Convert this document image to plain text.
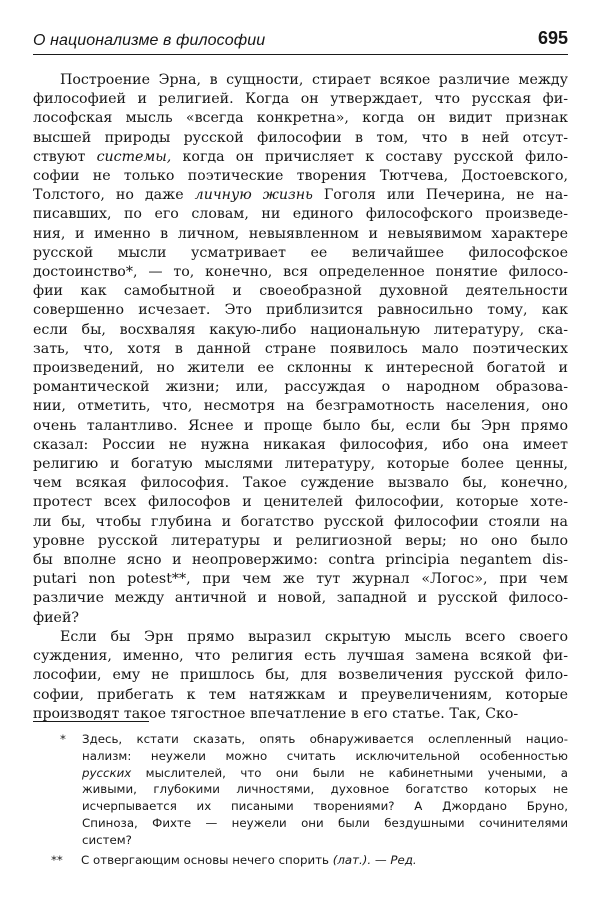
О национализме в философии	695

Построение Эрна, в сущности, стирает всякое различие между
философией и религией. Когда он утверждает, что русская фи-
лософская мысль «всегда конкретна», когда он видит признак
высшей природы русской философии в том, что в ней отсут-
ствуют системы, когда он причисляет к составу русской фило-
софии не только поэтические творения Тютчева, Достоевского,
Толстого, но даже личную жизнь Гоголя или Печерина, не на-
писавших, по его словам, ни единого философского произведе-
ния, и именно в личном, невыявленном и невыявимом характере
русской мысли усматривает ее величайшее философское
достоинство*, — то, конечно, вся определенное понятие филосо-
фии как самобытной и своеобразной духовной деятельности
совершенно исчезает. Это приблизится равносильно тому, как
если бы, восхваляя какую-либо национальную литературу, ска-
зать, что, хотя в данной стране появилось мало поэтических
произведений, но жители ее склонны к интересной богатой и
романтической жизни; или, рассуждая о народном образова-
нии, отметить, что, несмотря на безграмотность населения, оно
очень талантливо. Яснее и проще было бы, если бы Эрн прямо
сказал: России не нужна никакая философия, ибо она имеет
религию и богатую мыслями литературу, которые более ценны,
чем всякая философия. Такое суждение вызвало бы, конечно,
протест всех философов и ценителей философии, которые хоте-
ли бы, чтобы глубина и богатство русской философии стояли на
уровне русской литературы и религиозной веры; но оно было
бы вполне ясно и неопровержимо: contra principia negantem dis-
putari non potest**, при чем же тут журнал «Логос», при чем
различие между античной и новой, западной и русской филосо-
фией?

Если бы Эрн прямо выразил скрытую мысль всего своего
суждения, именно, что религия есть лучшая замена всякой фи-
лософии, ему не пришлось бы, для возвеличения русской фило-
софии, прибегать к тем натяжкам и преувеличениям, которые
производят такое тягостное впечатление в его статье. Так, Ско-

* Здесь, кстати сказать, опять обнаруживается ослепленный нацио-
нализм: неужели можно считать исключительной особенностью
русских мыслителей, что они были не кабинетными учеными, а
живыми, глубокими личностями, духовное богатство которых не
исчерпывается их писаными творениями? А Джордано Бруно,
Спиноза, Фихте — неужели они были бездушными сочинителями
систем?
** С отвергающим основы нечего спорить (лат.). — Ред.
